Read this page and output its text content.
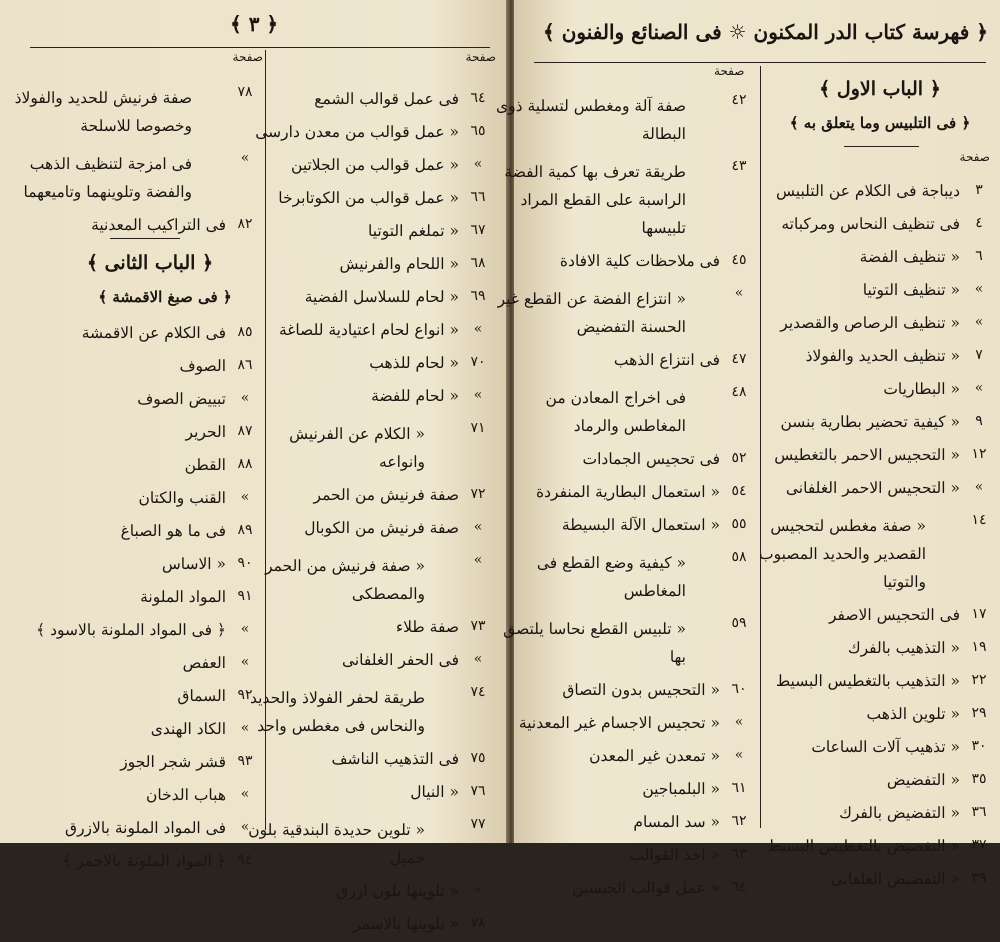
﴿ ٣ ﴾
صفحة	صفحة
٦٤
فى عمل قوالب الشمع
٦٥
« عمل قوالب من معدن دارسى
»
« عمل قوالب من الجلاتين
٦٦
« عمل قوالب من الكوتابرخا
٦٧
« تملغم التوتيا
٦٨
« اللحام والفرنيش
٦٩
« لحام للسلاسل الفضية
»
« انواع لحام اعتيادية للصاغة
٧٠
« لحام للذهب
»
« لحام للفضة
٧١
« الكلام عن الفرنيش وانواعه
٧٢
صفة فرنيش من الحمر
»
صفة فرنيش من الكوبال
»
« صفة فرنيش من الحمر والمصطكى
٧٣
صفة طلاء
»
فى الحفر الغلفانى
٧٤
طريقة لحفر الفولاذ والحديد والنحاس فى مغطس واحد
٧٥
فى التذهيب الناشف
٧٦
« النيال
٧٧
« تلوين حديدة البندقية بلون جميل
»
« تلوينها بلون ازرق
٧٨
« تلوينها بالاسمر
٧٨
صفة فرنيش للحديد والفولاذ وخصوصا للاسلحة
»
فى امزجة لتنظيف الذهب والفضة وتلوينهما وتاميعهما
٨٢
فى التراكيب المعدنية
﴿ الباب الثانى ﴾
﴿ فى صبغ الاقمشة ﴾
٨٥
فى الكلام عن الاقمشة
٨٦
الصوف
»
تبييض الصوف
٨٧
الحرير
٨٨
القطن
»
القنب والكتان
٨٩
فى ما هو الصباغ
٩٠
« الاساس
٩١
المواد الملونة
»
﴿ فى المواد الملونة بالاسود ﴾
»
العفص
٩٢
السماق
»
الكاد الهندى
٩٣
قشر شجر الجوز
»
هباب الدخان
»
فى المواد الملونة بالازرق
٩٤
﴿ المواد الملونة بالاحمر ﴾
﴿ فهرسة كتاب الدر المكنون ☼ فى الصنائع والفنون ﴾
صفحة
صفحة
﴿ الباب الاول ﴾
﴿ فى التلبيس وما يتعلق به ﴾
٣
ديباجة فى الكلام عن التلبيس
٤
فى تنظيف النحاس ومركباته
٦
« تنظيف الفضة
»
« تنظيف التوتيا
»
« تنظيف الرصاص والقصدير
٧
« تنظيف الحديد والفولاذ
»
« البطاريات
٩
« كيفية تحضير بطارية بنسن
١٢
« التحجيس الاحمر بالتغطيس
»
« التحجيس الاحمر الغلفانى
١٤
« صفة مغطس لتحجيس القصدير والحديد المصبوب والتوتيا
١٧
فى التحجيس الاصفر
١٩
« التذهيب بالفرك
٢٢
« التذهيب بالتغطيس البسيط
٢٩
« تلوين الذهب
٣٠
« تذهيب آلات الساعات
٣٥
« التفضيض
٣٦
« التفضيض بالفرك
٣٧
« التفضيض بالتغطيس البسيط
٣٩
« التفضيض الغلفانى
٤٢
صفة آلة ومغطس لتسلية ذوى البطالة
٤٣
طريقة تعرف بها كمية الفضة الراسبة على القطع المراد تلبيسها
٤٥
فى ملاحظات كلية الافادة
»
« انتزاع الفضة عن القطع غير الحسنة التفضيض
٤٧
فى انتزاع الذهب
٤٨
فى اخراج المعادن من المغاطس والرماد
٥٢
فى تحجيس الجمادات
٥٤
« استعمال البطارية المنفردة
٥٥
« استعمال الآلة البسيطة
٥٨
« كيفية وضع القطع فى المغاطس
٥٩
« تلبيس القطع نحاسا يلتصق بها
٦٠
« التحجيس بدون التصاق
»
« تحجيس الاجسام غير المعدنية
»
« تمعدن غير المعدن
٦١
« البلمباجين
٦٢
« سد المسام
٦٣
« اخذ القوالب
٦٤
« عمل قوالب الجبسين
